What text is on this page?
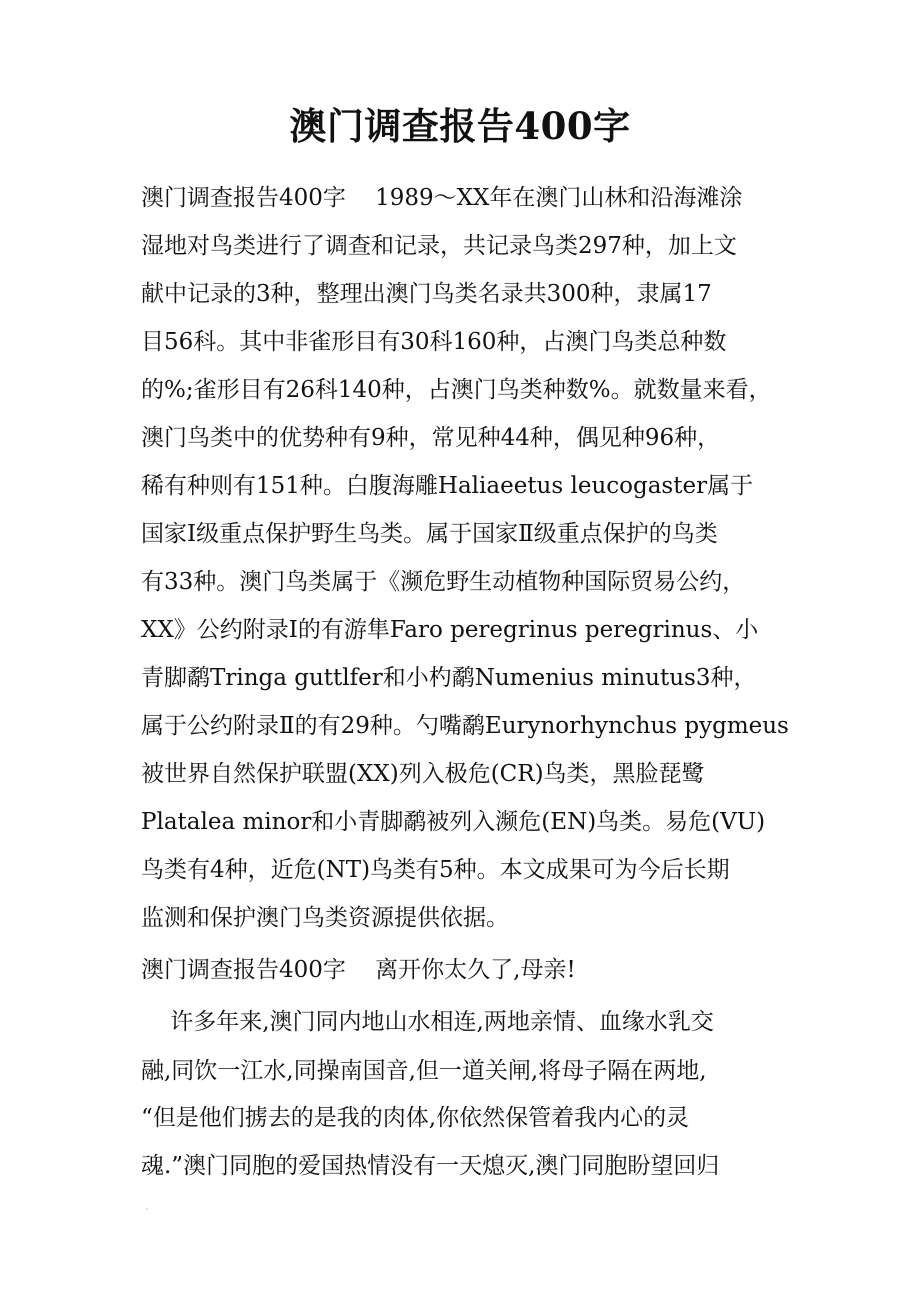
澳门调查报告400字
澳门调查报告400字    1989～XX年在澳门山林和沿海滩涂
湿地对鸟类进行了调查和记录，共记录鸟类297种，加上文
献中记录的3种，整理出澳门鸟类名录共300种，隶属17
目56科。其中非雀形目有30科160种，占澳门鸟类总种数
的%;雀形目有26科140种，占澳门鸟类种数%。就数量来看，
澳门鸟类中的优势种有9种，常见种44种，偶见种96种，
稀有种则有151种。白腹海雕Haliaeetus leucogaster属于
国家Ⅰ级重点保护野生鸟类。属于国家Ⅱ级重点保护的鸟类
有33种。澳门鸟类属于《濒危野生动植物种国际贸易公约，
XX》公约附录Ⅰ的有游隼Faro peregrinus peregrinus、小
青脚鹬Tringa guttlfer和小杓鹬Numenius minutus3种，
属于公约附录Ⅱ的有29种。勺嘴鹬Eurynorhynchus pygmeus
被世界自然保护联盟(XX)列入极危(CR)鸟类，黑脸琵鹭
Platalea minor和小青脚鹬被列入濒危(EN)鸟类。易危(VU)
鸟类有4种，近危(NT)鸟类有5种。本文成果可为今后长期
监测和保护澳门鸟类资源提供依据。
澳门调查报告400字    离开你太久了,母亲!
许多年来,澳门同内地山水相连,两地亲情、血缘水乳交
融,同饮一江水,同操南国音,但一道关闸,将母子隔在两地,
“但是他们掳去的是我的肉体,你依然保管着我内心的灵
魂.”澳门同胞的爱国热情没有一天熄灭,澳门同胞盼望回归
